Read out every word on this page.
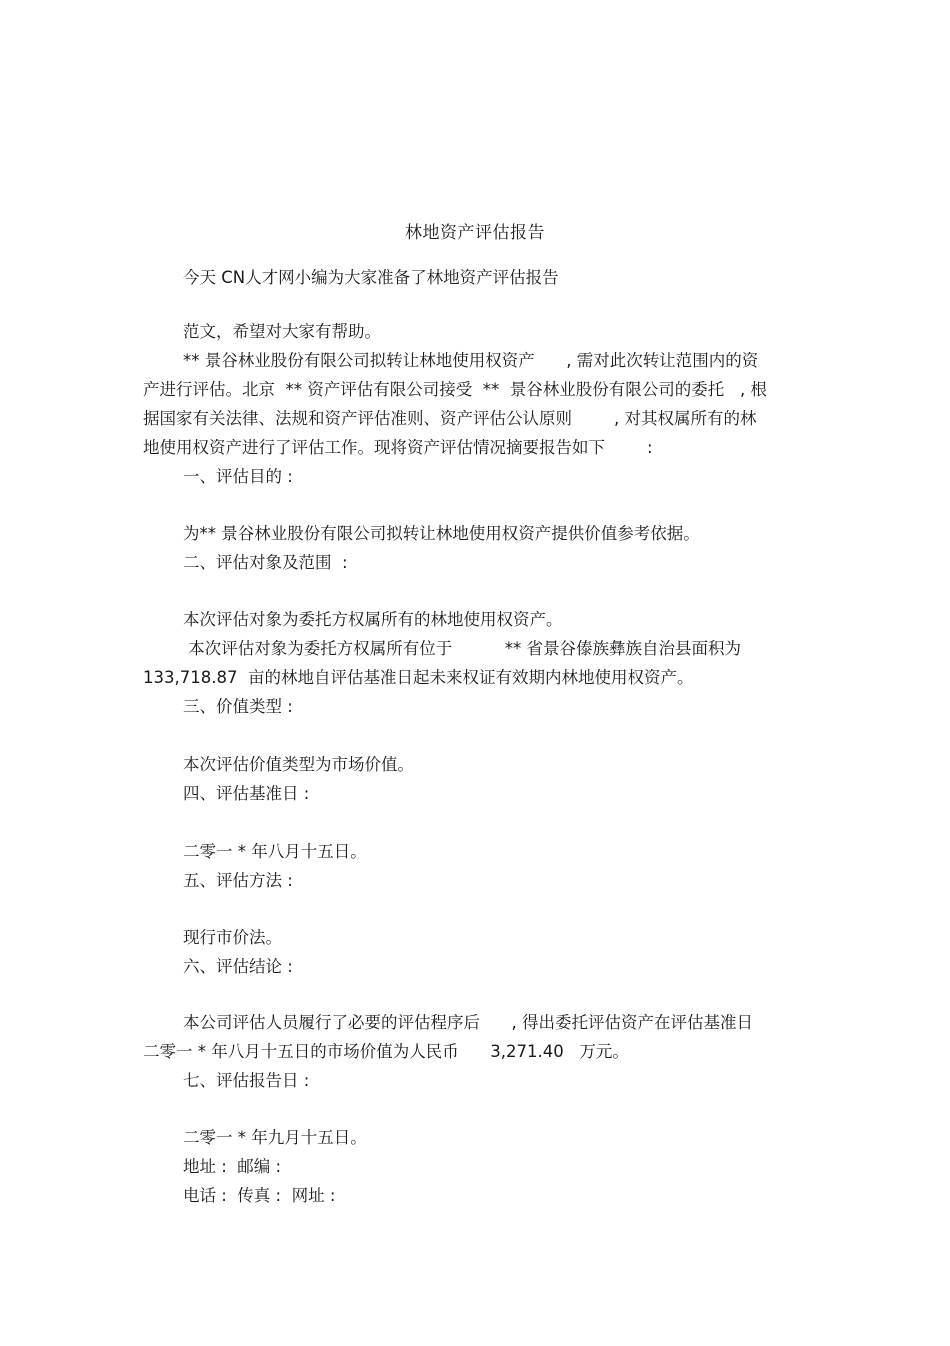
林地资产评估报告
今天 CN人才网小编为大家准备了林地资产评估报告
范文，希望对大家有帮助。
** 景谷林业股份有限公司拟转让林地使用权资产      , 需对此次转让范围内的资
产进行评估。北京  ** 资产评估有限公司接受  **  景谷林业股份有限公司的委托   , 根
据国家有关法律、法规和资产评估准则、资产评估公认原则        , 对其权属所有的林
地使用权资产进行了评估工作。现将资产评估情况摘要报告如下        :
一、评估目的 :
为** 景谷林业股份有限公司拟转让林地使用权资产提供价值参考依据。
二、评估对象及范围  :
本次评估对象为委托方权属所有的林地使用权资产。
本次评估对象为委托方权属所有位于          ** 省景谷傣族彝族自治县面积为
133,718.87  亩的林地自评估基准日起未来权证有效期内林地使用权资产。
三、价值类型 :
本次评估价值类型为市场价值。
四、评估基准日 :
二零一 * 年八月十五日。
五、评估方法 :
现行市价法。
六、评估结论 :
本公司评估人员履行了必要的评估程序后      , 得出委托评估资产在评估基准日
二零一 * 年八月十五日的市场价值为人民币      3,271.40   万元。
七、评估报告日 :
二零一 * 年九月十五日。
地址 :  邮编 :
电话 :  传真 :  网址 :
